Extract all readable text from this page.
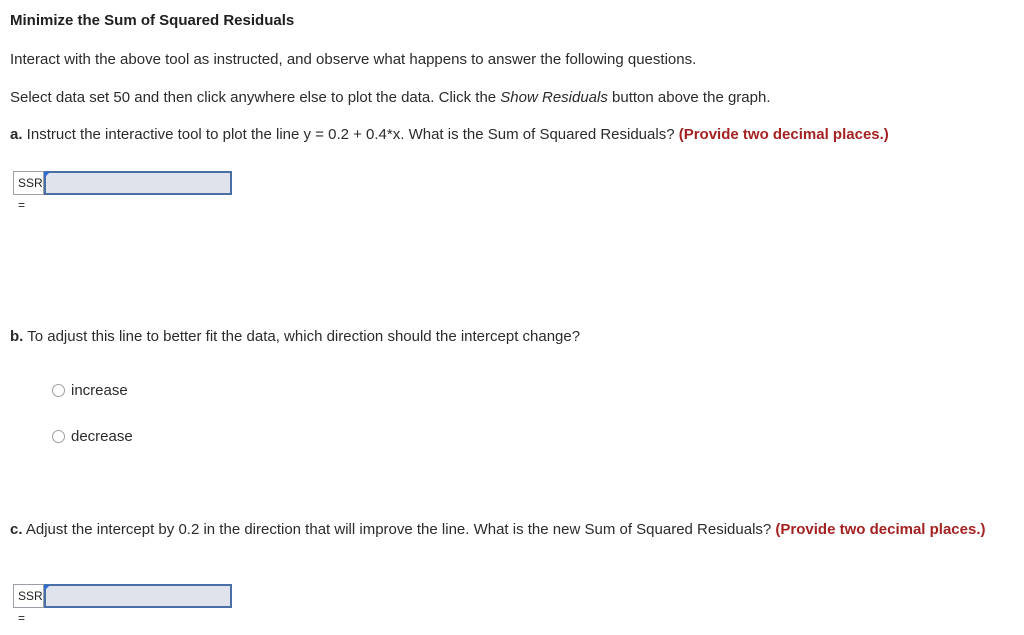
Minimize the Sum of Squared Residuals
Interact with the above tool as instructed, and observe what happens to answer the following questions.
Select data set 50 and then click anywhere else to plot the data. Click the Show Residuals button above the graph.
a. Instruct the interactive tool to plot the line y = 0.2 + 0.4*x. What is the Sum of Squared Residuals? (Provide two decimal places.)
SSR =
b. To adjust this line to better fit the data, which direction should the intercept change?
increase
decrease
c. Adjust the intercept by 0.2 in the direction that will improve the line. What is the new Sum of Squared Residuals? (Provide two decimal places.)
SSR =
